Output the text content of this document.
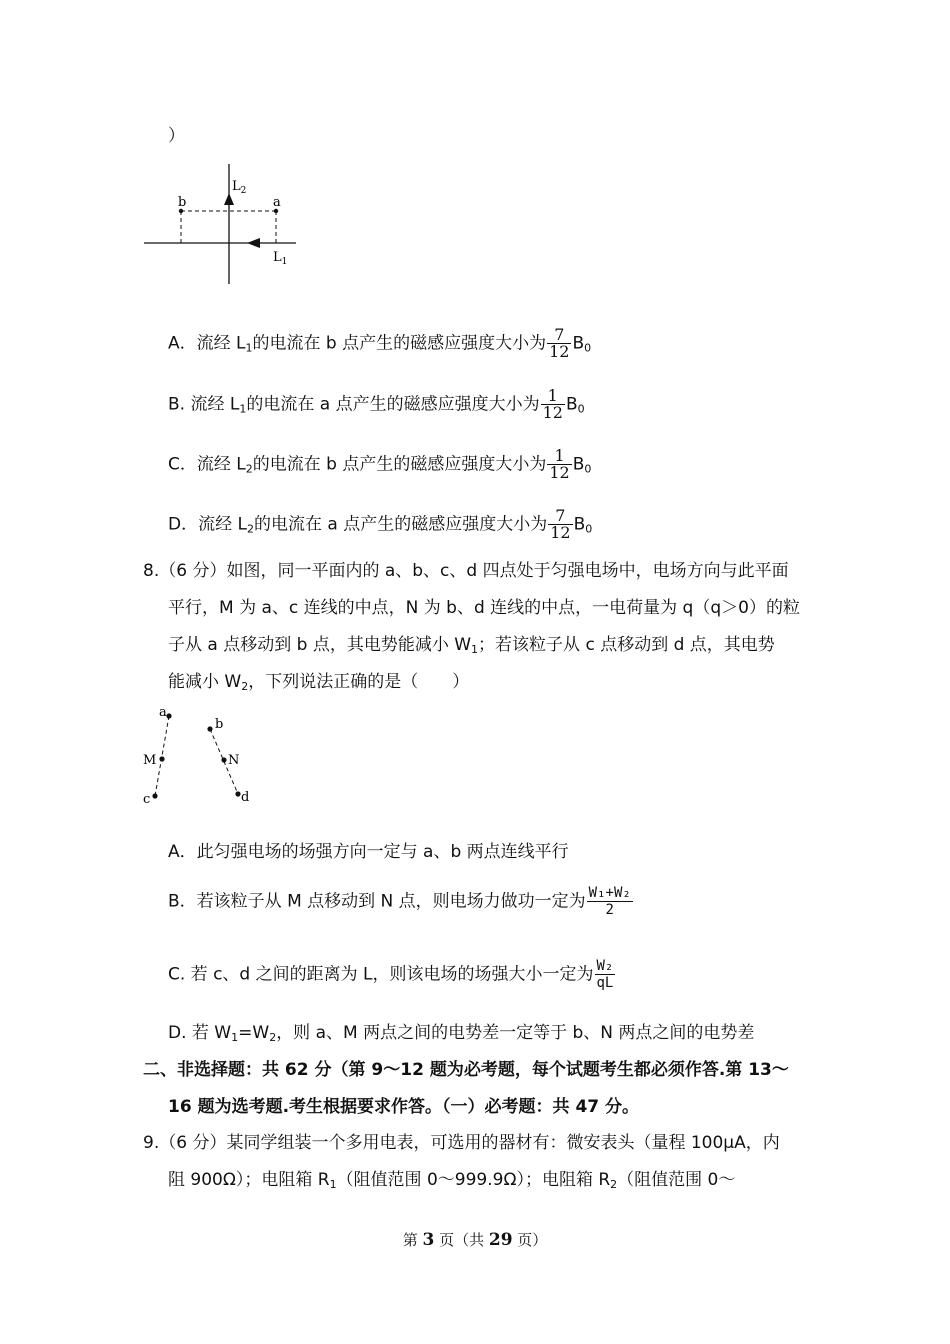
）
b	a
$L_2$
$L_1$
A．流经 $L_1$的电流在 b 点产生的磁感应强度大小为 $\frac{7}{12} B_0$
B. 流经 $L_1$的电流在 a 点产生的磁感应强度大小为 $\frac{1}{12} B_0$
C．流经 $L_2$的电流在 b 点产生的磁感应强度大小为 $\frac{1}{12} B_0$
D．流经 $L_2$的电流在 a 点产生的磁感应强度大小为 $\frac{7}{12} B_0$
8.（6 分）如图，同一平面内的 a、b、c、d 四点处于匀强电场中，电场方向与此平面
平行，M 为 a、c 连线的中点，N 为 b、d 连线的中点，一电荷量为 q（q＞0）的粒
子从 a 点移动到 b 点，其电势能减小 $W_1$；若该粒子从 c 点移动到 d 点，其电势
能减小 $W_2$，下列说法正确的是（　　）
a
c
M
b
N
d
A．此匀强电场的场强方向一定与 a、b 两点连线平行
B．若该粒子从 M 点移动到 N 点，则电场力做功一定为 $\frac{\text{W₁+W₂}}{2}$
C. 若 c、d 之间的距离为 L，则该电场的场强大小一定为 $\frac{\text{W₂}}{qL}$
D. 若 $W_1=W_2$，则 a、M 两点之间的电势差一定等于 b、N 两点之间的电势差
二、非选择题：共 62 分（第 9～12 题为必考题，每个试题考生都必须作答.第 13～
16 题为选考题.考生根据要求作答。（一）必考题：共 47 分。
9.（6 分）某同学组装一个多用电表，可选用的器材有：微安表头（量程 100μA，内
阻 900Ω）；电阻箱 $R_1$（阻值范围 0～999.9Ω）；电阻箱 $R_2$（阻值范围 0～
第 3 页（共 29 页）
